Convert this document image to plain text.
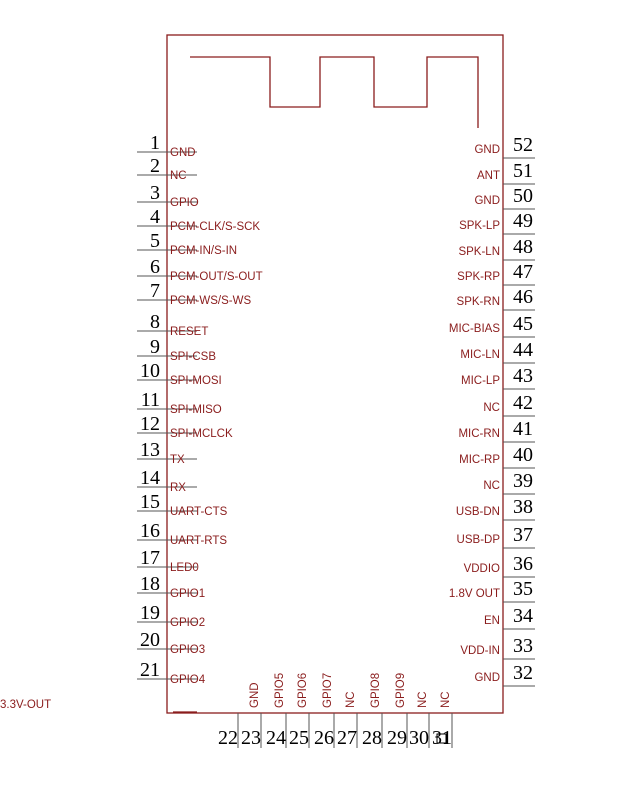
1 GND
2 NC
3 GPIO
4 PCM-CLK/S-SCK
5 PCM-IN/S-IN
6 PCM-OUT/S-OUT
7 PCM-WS/S-WS
8 RESET
9 SPI-CSB
10 SPI-MOSI
11 SPI-MISO
12 SPI-MCLCK
13 TX
14 RX
15 UART-CTS
16 UART-RTS
17 LED0
18 GPIO1
19 GPIO2
20 GPIO3
21 GPIO4
52
GND
51
ANT
50
GND
49
SPK-LP
48
SPK-LN
47
SPK-RP
46
SPK-RN
45
MIC-BIAS
44
MIC-LN
43
MIC-LP
42
NC
41
MIC-RN
40
MIC-RP
39
NC
38
USB-DN
37
USB-DP
36
VDDIO
35
1.8V OUT
34
EN
33
VDD-IN
32
GND
22 23
GND
24
GPIO5
25
GPIO6
26
GPIO7
27
NC
28
GPIO8
29
GPIO9
30
NC
31
NC
3.3V-OUT
